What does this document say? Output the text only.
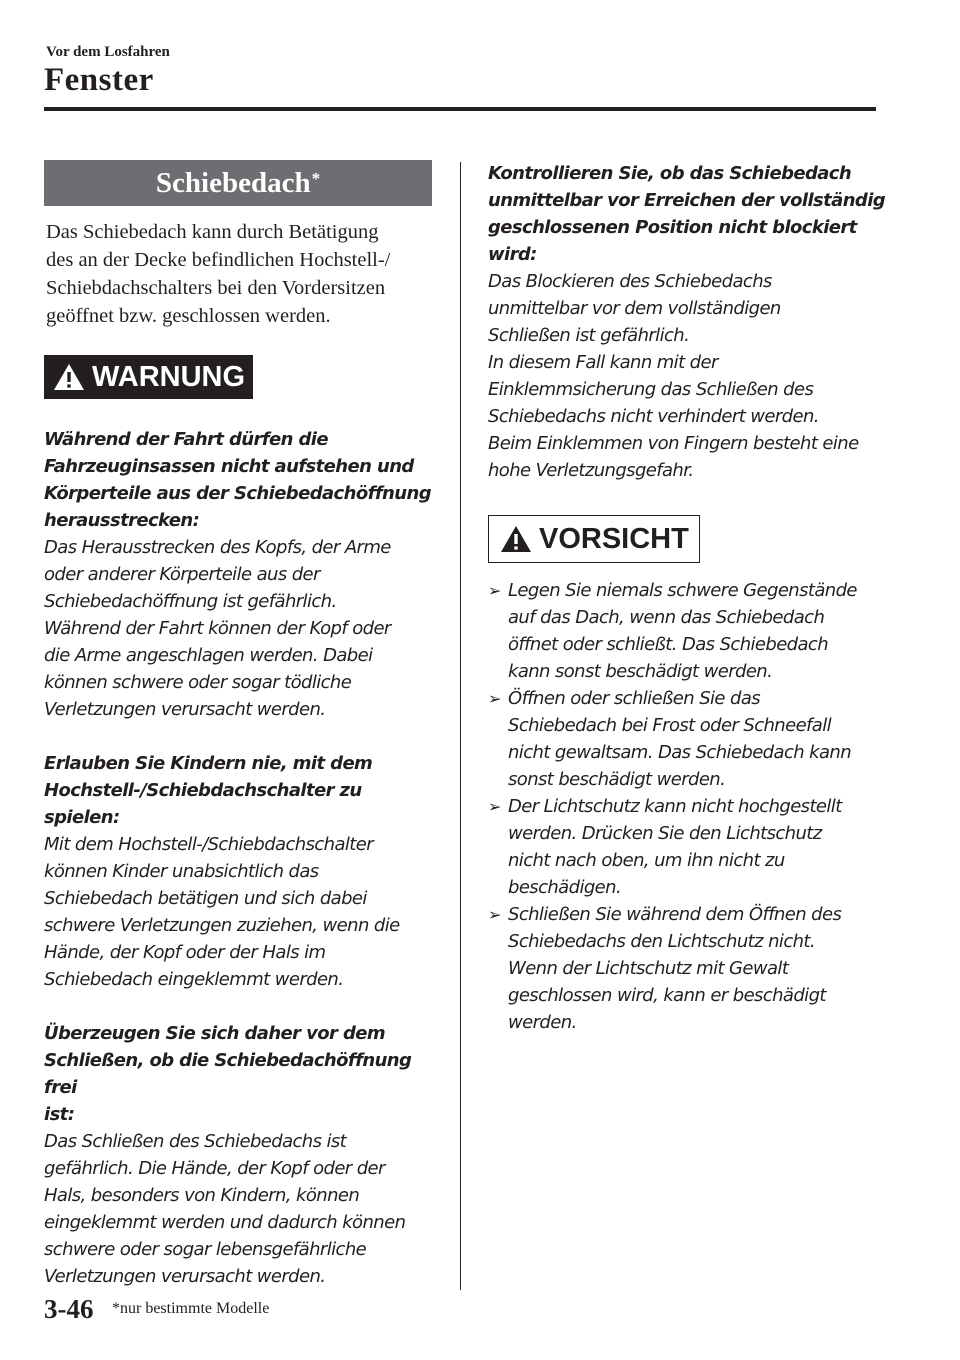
Vor dem Losfahren
Fenster
Schiebedach*
Das Schiebedach kann durch Betätigung
des an der Decke befindlichen Hochstell-/
Schiebdachschalters bei den Vordersitzen
geöffnet bzw. geschlossen werden.
WARNUNG
Während der Fahrt dürfen die
Fahrzeuginsassen nicht aufstehen und
Körperteile aus der Schiebedachöffnung
herausstrecken:
Das Herausstrecken des Kopfs, der Arme
oder anderer Körperteile aus der
Schiebedachöffnung ist gefährlich.
Während der Fahrt können der Kopf oder
die Arme angeschlagen werden. Dabei
können schwere oder sogar tödliche
Verletzungen verursacht werden.
Erlauben Sie Kindern nie, mit dem
Hochstell-/Schiebdachschalter zu spielen:
Mit dem Hochstell-/Schiebdachschalter
können Kinder unabsichtlich das
Schiebedach betätigen und sich dabei
schwere Verletzungen zuziehen, wenn die
Hände, der Kopf oder der Hals im
Schiebedach eingeklemmt werden.
Überzeugen Sie sich daher vor dem
Schließen, ob die Schiebedachöffnung frei
ist:
Das Schließen des Schiebedachs ist
gefährlich. Die Hände, der Kopf oder der
Hals, besonders von Kindern, können
eingeklemmt werden und dadurch können
schwere oder sogar lebensgefährliche
Verletzungen verursacht werden.
Kontrollieren Sie, ob das Schiebedach
unmittelbar vor Erreichen der vollständig
geschlossenen Position nicht blockiert wird:
Das Blockieren des Schiebedachs
unmittelbar vor dem vollständigen
Schließen ist gefährlich.
In diesem Fall kann mit der
Einklemmsicherung das Schließen des
Schiebedachs nicht verhindert werden.
Beim Einklemmen von Fingern besteht eine
hohe Verletzungsgefahr.
VORSICHT
➢ Legen Sie niemals schwere Gegenstände
auf das Dach, wenn das Schiebedach
öffnet oder schließt. Das Schiebedach
kann sonst beschädigt werden.
➢ Öffnen oder schließen Sie das
Schiebedach bei Frost oder Schneefall
nicht gewaltsam. Das Schiebedach kann
sonst beschädigt werden.
➢ Der Lichtschutz kann nicht hochgestellt
werden. Drücken Sie den Lichtschutz
nicht nach oben, um ihn nicht zu
beschädigen.
➢ Schließen Sie während dem Öffnen des
Schiebedachs den Lichtschutz nicht.
Wenn der Lichtschutz mit Gewalt
geschlossen wird, kann er beschädigt
werden.
3-46 *nur bestimmte Modelle
